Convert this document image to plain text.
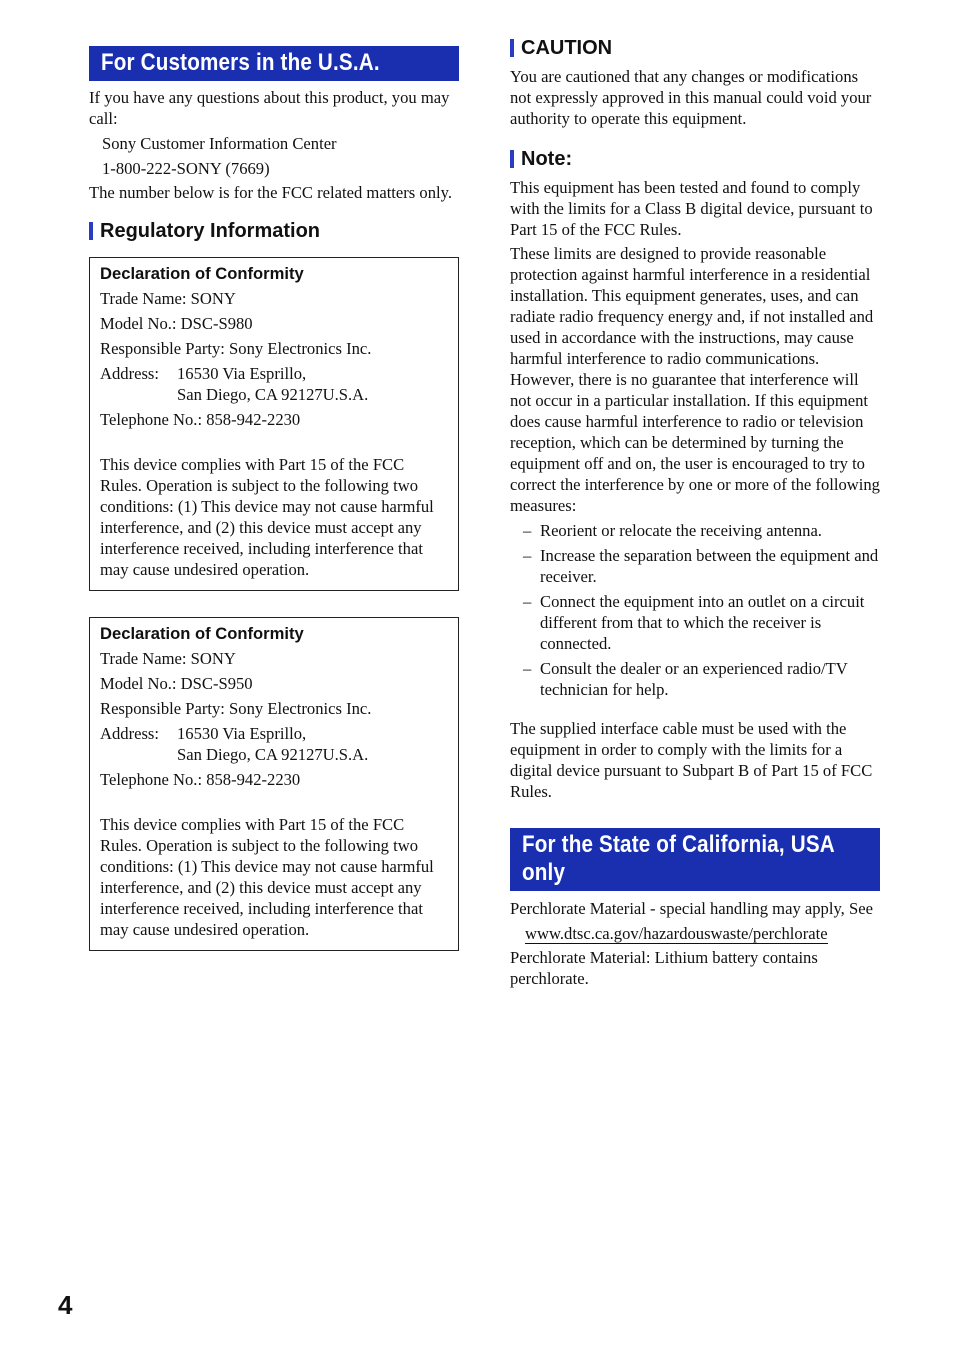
For Customers in the U.S.A.

If you have any questions about this product, you may call:

Sony Customer Information Center

1-800-222-SONY (7669)

The number below is for the FCC related matters only.

Regulatory Information
Declaration of Conformity

Trade Name: SONY

Model No.: DSC-S980

Responsible Party: Sony Electronics Inc.

Address:	16530 Via Esprillo,
San Diego, CA 92127U.S.A.

Telephone No.: 858-942-2230

This device complies with Part 15 of the FCC Rules. Operation is subject to the following two conditions: (1) This device may not cause harmful interference, and (2) this device must accept any interference received, including interference that may cause undesired operation.

Declaration of Conformity

Trade Name: SONY

Model No.: DSC-S950

Responsible Party: Sony Electronics Inc.

Address:	16530 Via Esprillo,
San Diego, CA 92127U.S.A.

Telephone No.: 858-942-2230

This device complies with Part 15 of the FCC Rules. Operation is subject to the following two conditions: (1) This device may not cause harmful interference, and (2) this device must accept any interference received, including interference that may cause undesired operation.

CAUTION

You are cautioned that any changes or modifications not expressly approved in this manual could void your authority to operate this equipment.

Note:

This equipment has been tested and found to comply with the limits for a Class B digital device, pursuant to Part 15 of the FCC Rules.

These limits are designed to provide reasonable protection against harmful interference in a residential installation. This equipment generates, uses, and can radiate radio frequency energy and, if not installed and used in accordance with the instructions, may cause harmful interference to radio communications. However, there is no guarantee that interference will not occur in a particular installation. If this equipment does cause harmful interference to radio or television reception, which can be determined by turning the equipment off and on, the user is encouraged to try to correct the interference by one or more of the following measures:

– Reorient or relocate the receiving antenna.
– Increase the separation between the equipment and receiver.
– Connect the equipment into an outlet on a circuit different from that to which the receiver is connected.
– Consult the dealer or an experienced radio/TV technician for help.

The supplied interface cable must be used with the equipment in order to comply with the limits for a digital device pursuant to Subpart B of Part 15 of FCC Rules.

For the State of California, USA only

Perchlorate Material - special handling may apply, See

www.dtsc.ca.gov/hazardouswaste/perchlorate

Perchlorate Material: Lithium battery contains perchlorate.

4
